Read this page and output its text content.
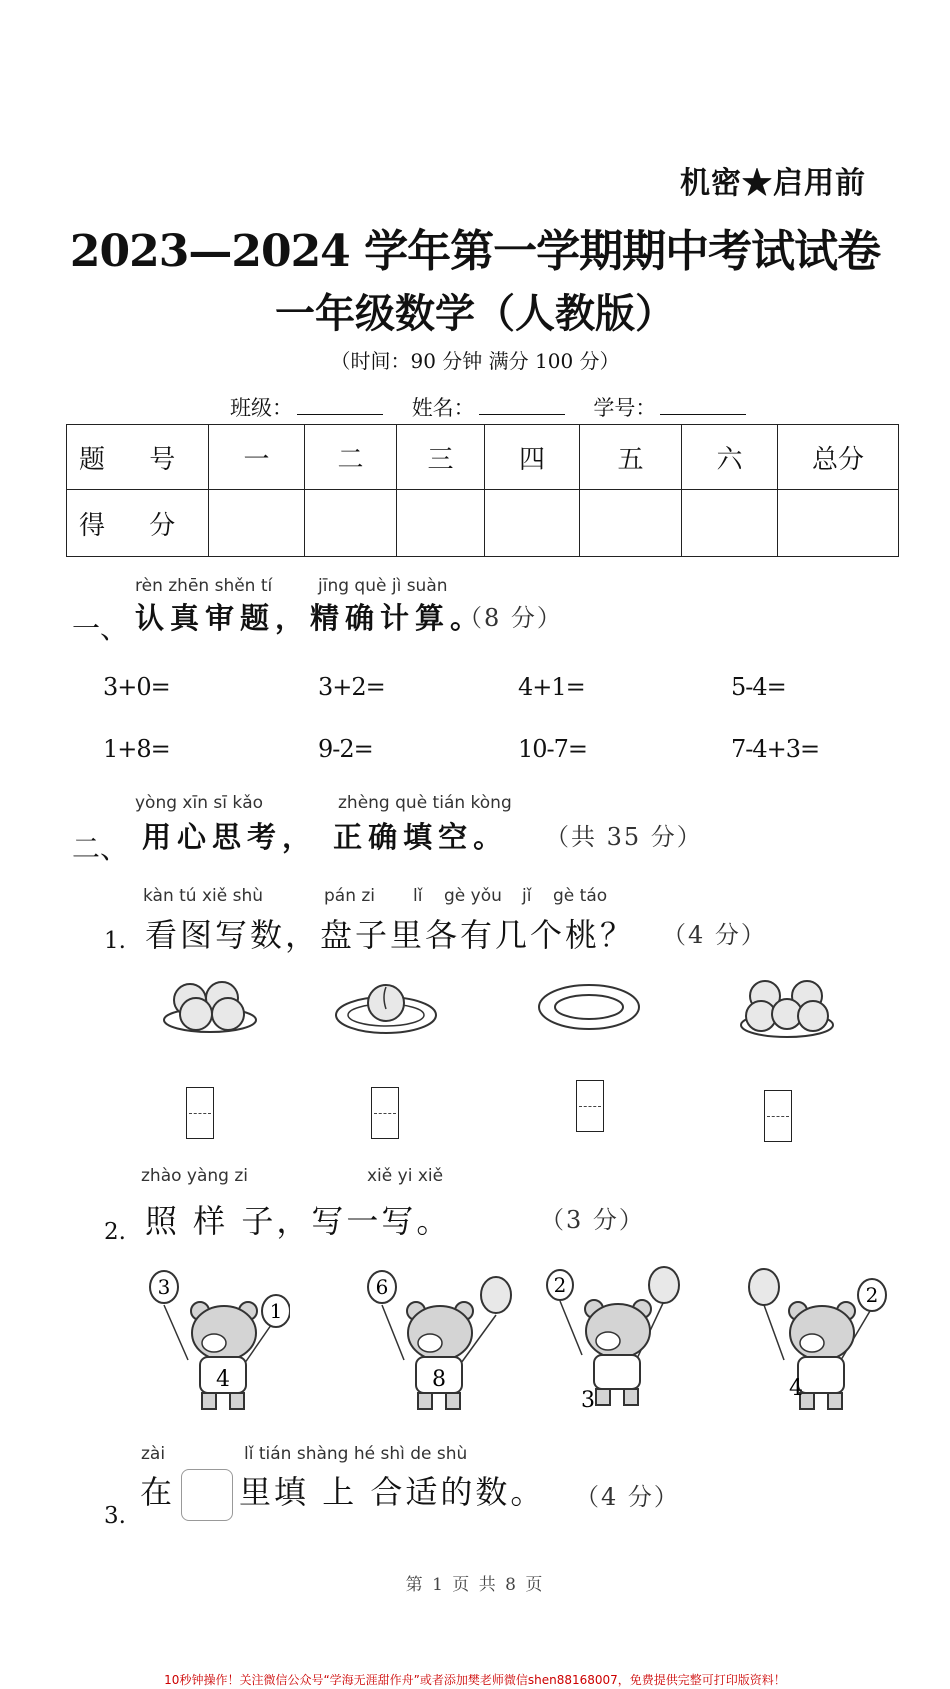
机密★启用前
2023—2024 学年第一学期期中考试试卷
一年级数学（人教版）
（时间：90 分钟 满分 100 分）
班级：	姓名：	学号：
题 号	一	二	三	四	五	六	总分
得 分							
rèn zhēn shěn tí	jīng què jì suàn
一、 认真审题，精确计算。
（8 分）
3+0=	3+2=	4+1=	5-4=
1+8=	9-2=	10-7=	7-4+3=
yòng xīn sī kǎo	zhèng què tián kòng
二、 用心思考， 正确填空。 （共 35 分）
kàn tú xiě shù	pán zi lǐ gè yǒu jǐ gè táo
1. 看图写数，盘子里各有几个桃？ （4 分）
zhào yàng zi	xiě yi xiě
2. 照 样 子，写一写。	（3 分）
3
1
4
6
8
2
3
2
4
zài	lǐ tián shàng hé shì de shù
3.
在 里填 上 合适的数。 （4 分）
第 1 页 共 8 页
10秒钟操作！关注微信公众号“学海无涯甜作舟”或者添加樊老师微信shen88168007，免费提供完整可打印版资料！
